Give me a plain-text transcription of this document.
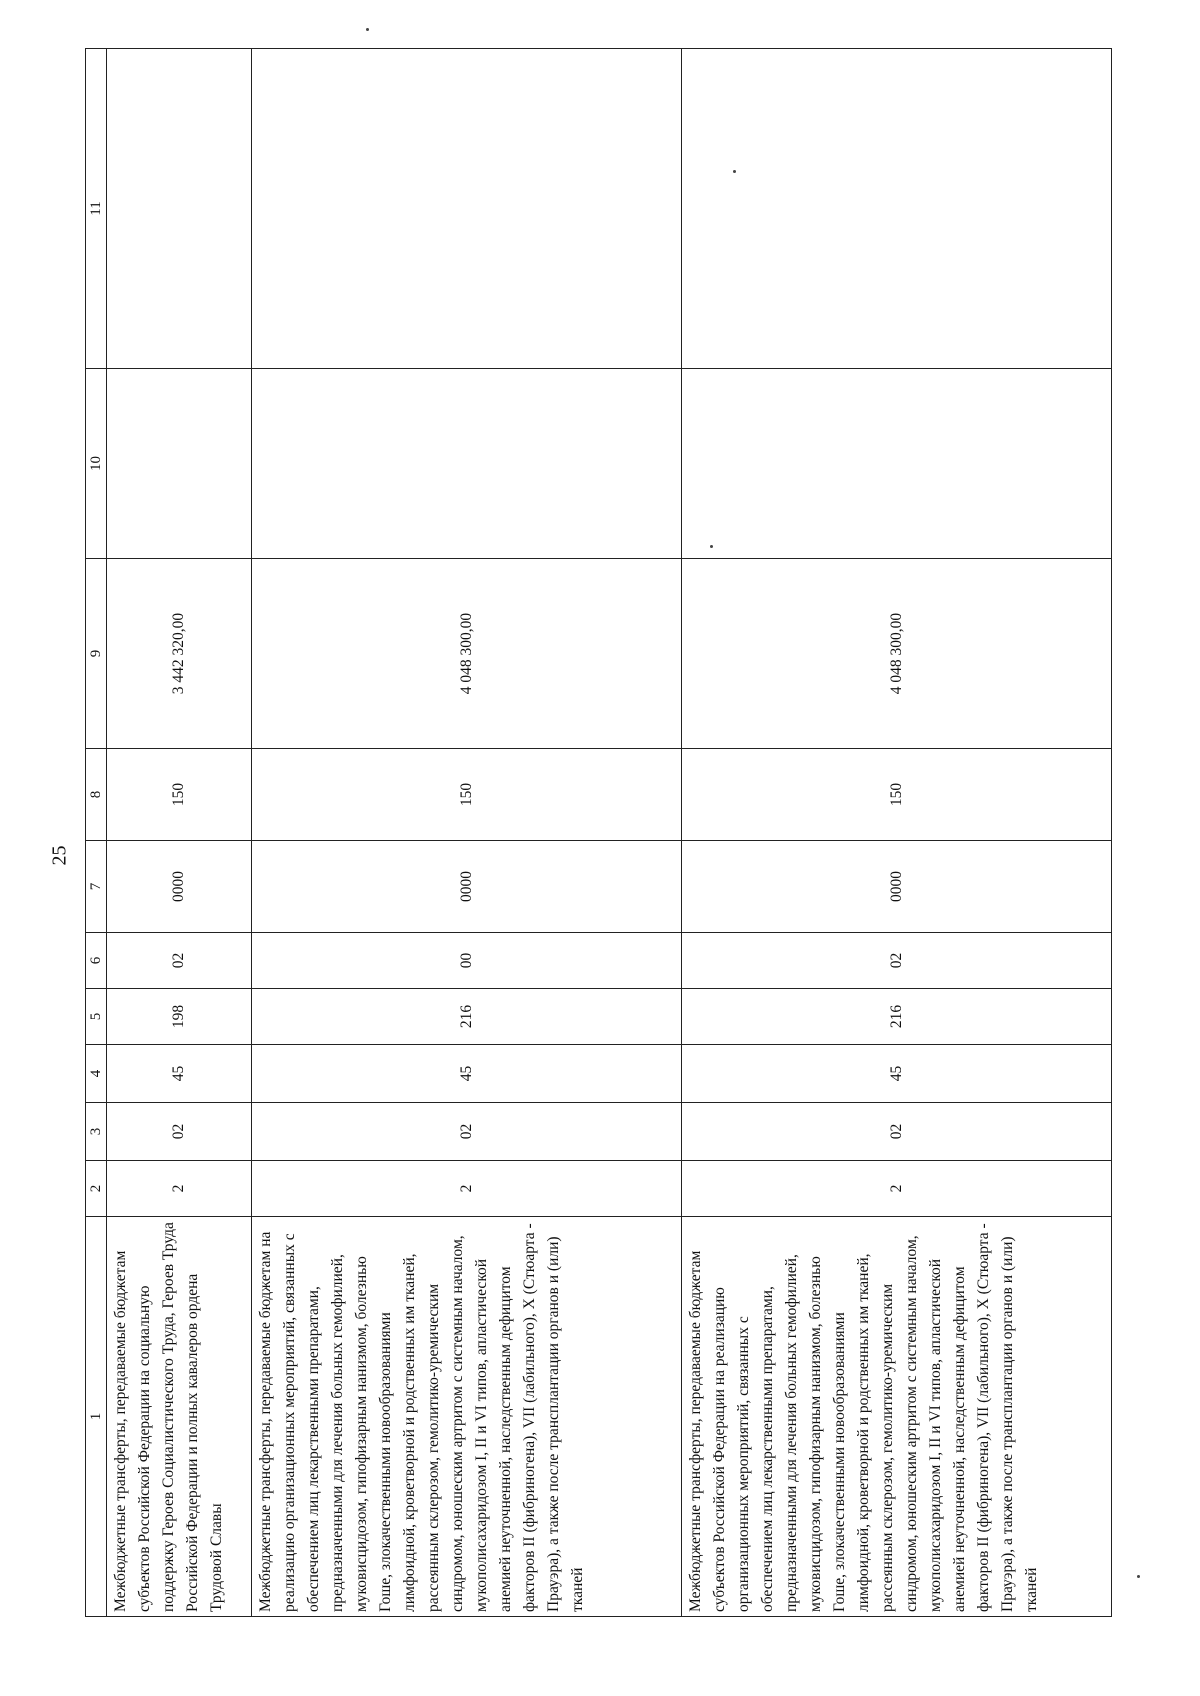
25
1	2	3	4	5	6	7	8	9	10	11
Межбюджетные трансферты, передаваемые бюджетам субъектов Российской Федерации на социальную поддержку Героев Социалистического Труда, Героев Труда Российской Федерации и полных кавалеров ордена Трудовой Славы	2	02	45	198	02	0000	150	3 442 320,00		
Межбюджетные трансферты, передаваемые бюджетам на реализацию организационных мероприятий, связанных с обеспечением лиц лекарственными препаратами, предназначенными для лечения больных гемофилией, муковисцидозом, гипофизарным нанизмом, болезнью Гоше, злокачественными новообразованиями лимфоидной, кроветворной и родственных им тканей, рассеянным склерозом, гемолитико-уремическим синдромом, юношеским артритом с системным началом, мукополисахаридозом I, II и VI типов, апластической анемией неуточненной, наследственным дефицитом факторов II (фибриногена), VII (лабильного), X (Стюарта - Прауэра), а также после трансплантации органов и (или) тканей	2	02	45	216	00	0000	150	4 048 300,00		
Межбюджетные трансферты, передаваемые бюджетам субъектов Российской Федерации на реализацию организационных мероприятий, связанных с обеспечением лиц лекарственными препаратами, предназначенными для лечения больных гемофилией, муковисцидозом, гипофизарным нанизмом, болезнью Гоше, злокачественными новообразованиями лимфоидной, кроветворной и родственных им тканей, рассеянным склерозом, гемолитико-уремическим синдромом, юношеским артритом с системным началом, мукополисахаридозом I, II и VI типов, апластической анемией неуточненной, наследственным дефицитом факторов II (фибриногена), VII (лабильного), X (Стюарта - Прауэра), а также после трансплантации органов и (или) тканей	2	02	45	216	02	0000	150	4 048 300,00		
